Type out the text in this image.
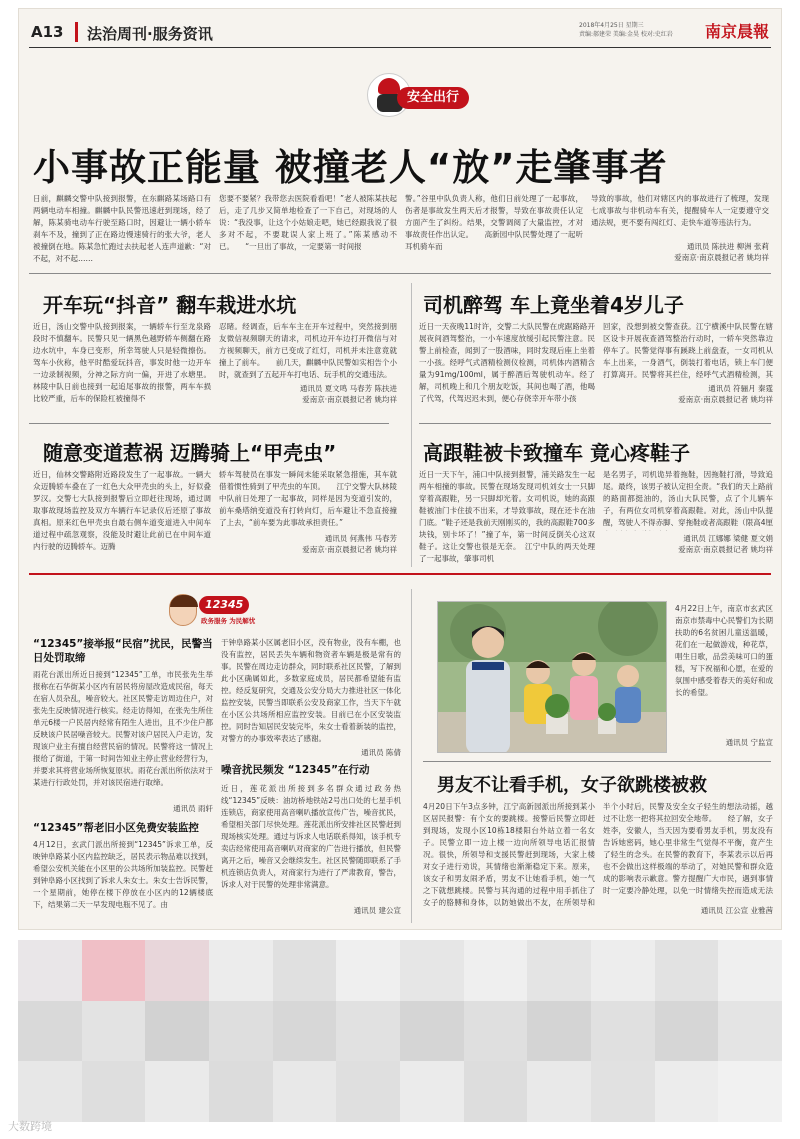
A13 法治周刊·服务资讯	2018年4月25日 星期三
责编:郝建荣 美编:金昊 校对:史红岩	南京晨報
安全出行
小事故正能量 被撞老人“放”走肇事者
日前，麒麟交警中队接到报警，在东麒路某场路口有两辆电动车相撞。麒麟中队民警迅速赶到现场，经了解，陈某骑电动车行驶至路口时，因避让一辆小轿车刹车不及，撞到了正在路边慢速骑行的张大爷，老人被撞倒在地。陈某急忙跑过去扶起老人连声道歉：“对不起，对不起……
您要不要紧？我带您去医院看看吧！”老人被陈某扶起后，走了几步又简单地检查了一下自己，对现场的人说：“我没事，让这个小姑娘走吧，她已经跟我说了很多对不起，不要耽误人家上班了。”陈某感动不已。　　“一旦出了事故，一定要第一时间报
警。”谷里中队负责人称，他们日前处理了一起事故，伤者是事故发生两天后才报警，导致在事故责任认定方面产生了纠纷。结果，交警调阅了大量监控，才对事故责任作出认定。　　高新园中队民警处理了一起听耳机骑车而
导致的事故，他们对辖区内的事故进行了梳理，发现七成事故与非机动车有关，提醒骑车人一定要遵守交通法规，更不要有闯红灯、走快车道等违法行为。
通讯员 陈扶进 柳洲 张莉
爱南京·南京晨报记者 姚均祥
开车玩“抖音” 翻车栽进水坑
近日，汤山交警中队接到报案，一辆轿车行至龙泉路段时不慎翻车。民警只见一辆黑色越野轿车侧翻在路边水坑中，车身已变形，所幸驾驶人只是轻微擦伤。驾车小伙称，他平时酷爱玩抖音，事发时他一边开车一边录制视频，分神之际方向一偏，开进了水塘里。林陵中队日前也接到一起追尾事故的报警，两车车损比较严重，后车的保险杠被撞得不
忍睹。经调查，后车车主在开车过程中，突然接到朋友微信视频聊天的请求，司机边开车边打开微信与对方视频聊天，前方已变成了红灯，司机并未注意竟就撞上了前车。　　前几天，麒麟中队民警如实相告个小时，就查到了五起开车打电话、玩手机的交通违法。
通讯员 夏文鸣 马春芳 陈扶进
爱南京·南京晨报记者 姚均祥
司机醉驾 车上竟坐着4岁儿子
近日一天夜晚11时许，交警二大队民警在虎踞路路开展夜间酒驾整治，一小车速度放缓引起民警注意。民警上前检查，闻到了一股酒味，同时发现后座上坐着一小孩。经呼气式酒精检测仪检测，司机体内酒精含量为91mg/100ml，属于醉酒后驾驶机动车。经了解，司机晚上和几个朋友吃饭，其间也喝了酒，他喝了代驾，代驾迟迟未到，便心存侥幸开车带小孩
回家，没想到被交警查获。江宁横溪中队民警在辖区设卡开展夜查酒驾整治行动时，一轿车突然靠边停车了。民警觉得事有蹊跷上前盘查，一女司机从车上出来，一身酒气，倒装打着电话，锁上车门便打算离开。民警将其拦住，经呼气式酒精检测，其
通讯员 符骊月 秦霆
爱南京·南京晨报记者 姚均祥
随意变道惹祸 迈腾骑上“甲壳虫”
近日，仙林交警路附近路段发生了一起事故。一辆大众迈腾轿车叠在了一红色大众甲壳虫的头上，好似叠罗汉。交警七大队接到报警后立即赶往现场，通过调取事故现场监控及双方车辆行车记录仪后还原了事故真相。原来红色甲壳虫自最右侧车道变道进入中间车道过程中疏忽观察，没能及时避让此前已在中间车道内行驶的迈腾轿车。迈腾
轿车驾驶员在事发一瞬间未能采取紧急措施，其车就借着惯性骑到了甲壳虫的车顶。　　江宁交警大队林陵中队前日处理了一起事故，同样是因为变道引发的，前车桑塔纳变道没有打转向灯，后车避让不急直接撞了上去，“前车要为此事故承担责任。”
通讯员 何燕伟 马春芳
爱南京·南京晨报记者 姚均祥
高跟鞋被卡致撞车 竟心疼鞋子
近日一天下午，浦口中队接到报警，浦关路发生一起两车相撞的事故。民警在现场发现司机刘女士一只脚穿着高跟鞋，另一只脚却光着。女司机说，她的高跟鞋被油门卡住拔不出来，才导致事故，现在还卡在油门底。“鞋子还是我前天刚刚买的，我的高跟鞋700多块钱，别卡坏了！”撞了车，第一时间反倒关心这双鞋子。这让交警也很是无奈。　江宁中队的两天处理了一起事故，肇事司机
是名男子，司机诡异着拖鞋，因拖鞋打滑，导致追尾。最终，该男子被认定担全责。“我们的天上路前的路面都挺油的，汤山大队民警，点了个儿辆车子，有两位女司机穿着高跟鞋。对此，汤山中队提醒，驾驶人不得赤脚、穿拖鞋或者高跟鞋（限高4厘
通讯员 江娜娜 梁健 夏文娟
爱南京·南京晨报记者 姚均祥
12345
政务服务 为民解忧
“12345”接举报“民宿”扰民，民警当日处罚取缔
雨花台派出所近日接到“12345”工单，市民张先生举报称在石华街某小区内有居民将房屋改造成民宿，每天在宿人员杂乱，噪音较大。社区民警走访周边住户，对张先生反映情况进行核实。经走访得知，在张先生所住单元6楼一户民居内经常有陌生人进出，且不少住户都反映该户民居噪音较大。民警对该户居民入户走访，发现该户业主有擅自经营民宿的情况。民警将这一情况上报给了街道，于第一时间告知业主停止营业经营行为，并要求其将营业场所恢复原状。雨花台派出所依法对于某进行行政处罚，并对该民宿进行取缔。
通讯员 雨轩
“12345”帮老旧小区免费安装监控
4月12日，玄武门派出所接到“12345”诉求工单，反映钟阜路某小区内监控缺乏，居民表示物品难以找到，希望公安机关能在小区里的公共场所加装监控。民警赶到钟阜路小区找到了诉求人朱女士。朱女士告诉民警，一个星期前，她停在楼下停放在小区内的12辆楼底下，结果第二天一早发现电瓶不见了。由
于钟阜路某小区属老旧小区，没有物业，没有车棚，也没有监控，居民丢失车辆和物资者车辆是极是常有的事。民警在周边走访群众，同时联系社区民警，了解到此小区确属如此，多数家庭成员，居民都希望能有监控。经反复研究，交通及公安分局大力推进社区一体化监控安装，民警当即联系公安及商家工作，当天下午就在小区公共场所相应监控安装。目前已在小区安装监控。同时告知居民安装完毕，朱女士看着新装的监控，对警方的办事效率表达了感谢。
通讯员 陈倩
噪音扰民频发 “12345”在行动
近日，莲花派出所接到多名群众通过政务热线“12345”反映：油坊桥地铁站2号出口处的七星手机连锁店，商家使用高音喇叭播放宣传广告，噪音扰民，希望相关部门尽快处理。莲花派出所安排社区民警赶到现场核实处理。通过与诉求人电话联系得知，该手机专卖店经常使用高音喇叭对商家的广告进行播放，但民警离开之后，噪音又会继续发生。社区民警随即联系了手机连锁店负责人，对商家行为进行了严肃教育，警告，诉求人对于民警的处理非常满意。
通讯员 建公宣
4月22日上午，南京市玄武区南京市禁毒中心民警们为长期扶助的6名贫困儿童送温暖，花们在一起做游戏，种花草，唱生日歌，品尝美味可口的蛋糕，写下祝福和心愿，在爱的氛围中感受着春天的美好和成长的希望。
通讯员 宁监宣
男友不让看手机，女子欲跳楼被救
4月20日下午3点多钟，江宁高新园派出所接到某小区居民报警：有个女的要跳楼。接警后民警立即赶到现场，发现小区10栋18楼阳台外站立着一名女子。民警立即一边上楼一边向所领导电话汇报情况。很快，所领导和支援民警赶到现场，大家上楼对女子进行劝说，其情绪也渐渐稳定下来。原来，该女子和男友闹矛盾，男友不让她看手机，她一气之下就想跳楼。民警与其沟通的过程中用手抓住了女子的胳膊和身体，以防她做出不友，在所领导和
半个小时后，民警及安全女子轻生的想法动摇，越过不让您一把将其拉回安全地带。　　经了解，女子姓李，安徽人，当天因为要看男友手机，男友没有告诉她密码，她心里非常生气觉得不平衡，竟产生了轻生的念头。在民警的教育下，李某表示以后再也不会做出这样极端的举动了，对她民警和群众造成的影响表示歉意。警方提醒广大市民，遇到事情时一定要冷静处理，以免一时情绪失控而造成无法
通讯员 江公宣 业雅茜
大数跨境
